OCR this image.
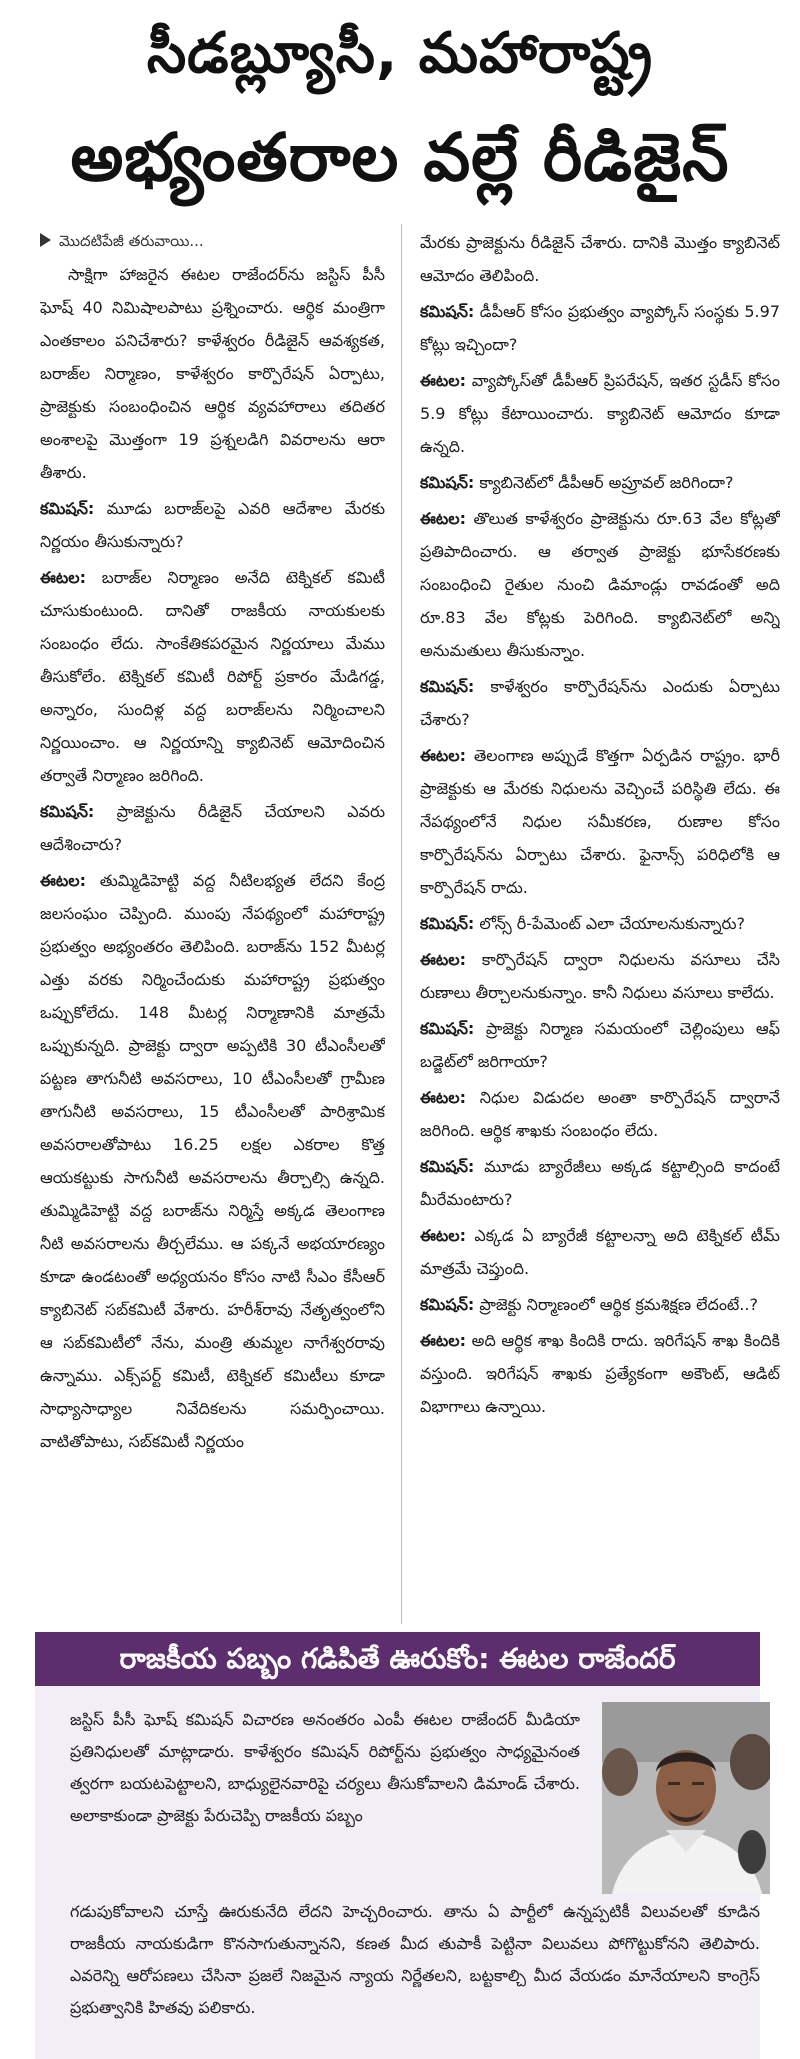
సీడబ్ల్యూసీ, మహారాష్ట్ర
అభ్యంతరాల వల్లే రీడిజైన్
మొదటిపేజీ తరువాయి...

సాక్షిగా హాజరైన ఈటల రాజేందర్‌ను జస్టిస్‌ పీసీ ఘోష్‌ 40 నిమిషాలపాటు ప్రశ్నించారు. ఆర్థిక మంత్రిగా ఎంతకాలం పనిచేశారు? కాళేశ్వరం రీడిజైన్‌ ఆవశ్యకత, బరాజ్‌ల నిర్మాణం, కాళేశ్వరం కార్పొరేషన్‌ ఏర్పాటు, ప్రాజెక్టుకు సంబంధించిన ఆర్థిక వ్యవహారాలు తదితర అంశాలపై మొత్తంగా 19 ప్రశ్నలడిగి వివరాలను ఆరా తీశారు.

కమిషన్‌: మూడు బరాజ్‌లపై ఎవరి ఆదేశాల మేరకు నిర్ణయం తీసుకున్నారు?

ఈటల: బరాజ్‌ల నిర్మాణం అనేది టెక్నికల్‌ కమిటీ చూసుకుంటుంది. దానితో రాజకీయ నాయకులకు సంబంధం లేదు. సాంకేతికపరమైన నిర్ణయాలు మేము తీసుకోలేం. టెక్నికల్‌ కమిటీ రిపోర్ట్‌ ప్రకారం మేడిగడ్డ, అన్నారం, సుందిళ్ల వద్ద బరాజ్‌లను నిర్మించాలని నిర్ణయించాం. ఆ నిర్ణయాన్ని క్యాబినెట్‌ ఆమోదించిన తర్వాతే నిర్మాణం జరిగింది.

కమిషన్‌: ప్రాజెక్టును రీడిజైన్‌ చేయాలని ఎవరు ఆదేశించారు?

ఈటల: తుమ్మిడిహెట్టి వద్ద నీటిలభ్యత లేదని కేంద్ర జలసంఘం చెప్పింది. ముంపు నేపథ్యంలో మహారాష్ట్ర ప్రభుత్వం అభ్యంతరం తెలిపింది. బరాజ్‌ను 152 మీటర్ల ఎత్తు వరకు నిర్మించేందుకు మహారాష్ట్ర ప్రభుత్వం ఒప్పుకోలేదు. 148 మీటర్ల నిర్మాణానికి మాత్రమే ఒప్పుకున్నది. ప్రాజెక్టు ద్వారా అప్పటికి 30 టీఎంసీలతో పట్టణ తాగునీటి అవసరాలు, 10 టీఎంసీలతో గ్రామీణ తాగునీటి అవసరాలు, 15 టీఎంసీలతో పారిశ్రామిక అవసరాలతోపాటు 16.25 లక్షల ఎకరాల కొత్త ఆయకట్టుకు సాగునీటి అవసరాలను తీర్చాల్సి ఉన్నది. తుమ్మిడిహెట్టి వద్ద బరాజ్‌ను నిర్మిస్తే అక్కడ తెలంగాణ నీటి అవసరాలను తీర్చలేము. ఆ పక్కనే అభయారణ్యం కూడా ఉండటంతో అధ్యయనం కోసం నాటి సీఎం కేసీఆర్‌ క్యాబినెట్‌ సబ్‌కమిటీ వేశారు. హరీశ్‌రావు నేతృత్వంలోని ఆ సబ్‌కమిటీలో నేను, మంత్రి తుమ్మల నాగేశ్వరరావు ఉన్నాము. ఎక్స్‌పర్ట్‌ కమిటీ, టెక్నికల్‌ కమిటీలు కూడా సాధ్యాసాధ్యాల నివేదికలను సమర్పించాయి. వాటితోపాటు, సబ్‌కమిటీ నిర్ణయం

మేరకు ప్రాజెక్టును రీడిజైన్‌ చేశారు. దానికి మొత్తం క్యాబినెట్‌ ఆమోదం తెలిపింది.

కమిషన్‌: డీపీఆర్‌ కోసం ప్రభుత్వం వ్యాప్కోస్‌ సంస్థకు 5.97 కోట్లు ఇచ్చిందా?

ఈటల: వ్యాప్కోస్‌తో డీపీఆర్‌ ప్రిపరేషన్‌, ఇతర స్టడీస్‌ కోసం 5.9 కోట్లు కేటాయించారు. క్యాబినెట్‌ ఆమోదం కూడా ఉన్నది.

కమిషన్‌: క్యాబినెట్‌లో డీపీఆర్‌ అప్రూవల్‌ జరిగిందా?

ఈటల: తొలుత కాళేశ్వరం ప్రాజెక్టును రూ.63 వేల కోట్లతో ప్రతిపాదించారు. ఆ తర్వాత ప్రాజెక్టు భూసేకరణకు సంబంధించి రైతుల నుంచి డిమాండ్లు రావడంతో అది రూ.83 వేల కోట్లకు పెరిగింది. క్యాబినెట్‌లో అన్ని అనుమతులు తీసుకున్నాం.

కమిషన్‌: కాళేశ్వరం కార్పొరేషన్‌ను ఎందుకు ఏర్పాటు చేశారు?

ఈటల: తెలంగాణ అప్పుడే కొత్తగా ఏర్పడిన రాష్ట్రం. భారీ ప్రాజెక్టుకు ఆ మేరకు నిధులను వెచ్చించే పరిస్థితి లేదు. ఈ నేపథ్యంలోనే నిధుల సమీకరణ, రుణాల కోసం కార్పొరేషన్‌ను ఏర్పాటు చేశారు. ఫైనాన్స్‌ పరిధిలోకి ఆ కార్పొరేషన్‌ రాదు.

కమిషన్‌: లోన్స్‌ రీ-పేమెంట్‌ ఎలా చేయాలనుకున్నారు?

ఈటల: కార్పొరేషన్‌ ద్వారా నిధులను వసూలు చేసి రుణాలు తీర్చాలనుకున్నాం. కానీ నిధులు వసూలు కాలేదు.

కమిషన్‌: ప్రాజెక్టు నిర్మాణ సమయంలో చెల్లింపులు ఆఫ్‌ బడ్జెట్‌లో జరిగాయా?

ఈటల: నిధుల విడుదల అంతా కార్పొరేషన్‌ ద్వారానే జరిగింది. ఆర్థిక శాఖకు సంబంధం లేదు.

కమిషన్‌: మూడు బ్యారేజీలు అక్కడ కట్టాల్సింది కాదంటే మీరేమంటారు?

ఈటల: ఎక్కడ ఏ బ్యారేజీ కట్టాలన్నా అది టెక్నికల్‌ టీమ్‌ మాత్రమే చెప్తుంది.

కమిషన్‌: ప్రాజెక్టు నిర్మాణంలో ఆర్థిక క్రమశిక్షణ లేదంటే..?

ఈటల: అది ఆర్థిక శాఖ కిందికి రాదు. ఇరిగేషన్‌ శాఖ కిందికి వస్తుంది. ఇరిగేషన్‌ శాఖకు ప్రత్యేకంగా అకౌంట్‌, ఆడిట్‌ విభాగాలు ఉన్నాయి.

రాజకీయ పబ్బం గడిపితే ఊరుకోం: ఈటల రాజేందర్‌
జస్టిస్‌ పీసీ ఘోష్‌ కమిషన్‌ విచారణ అనంతరం ఎంపీ ఈటల రాజేందర్‌ మీడియా ప్రతినిధులతో మాట్లాడారు. కాళేశ్వరం కమిషన్‌ రిపోర్ట్‌ను ప్రభుత్వం సాధ్యమైనంత త్వరగా బయటపెట్టాలని, బాధ్యులైనవారిపై చర్యలు తీసుకోవాలని డిమాండ్‌ చేశారు. అలాకాకుండా ప్రాజెక్టు పేరుచెప్పి రాజకీయ పబ్బం
గడుపుకోవాలని చూస్తే ఊరుకునేది లేదని హెచ్చరించారు. తాను ఏ పార్టీలో ఉన్నప్పటికీ విలువలతో కూడిన రాజకీయ నాయకుడిగా కొనసాగుతున్నానని, కణత మీద తుపాకీ పెట్టినా విలువలు పోగొట్టుకోనని తెలిపారు. ఎవరెన్ని ఆరోపణలు చేసినా ప్రజలే నిజమైన న్యాయ నిర్ణేతలని, బట్టకాల్చి మీద వేయడం మానేయాలని కాంగ్రెస్‌ ప్రభుత్వానికి హితవు పలికారు.
